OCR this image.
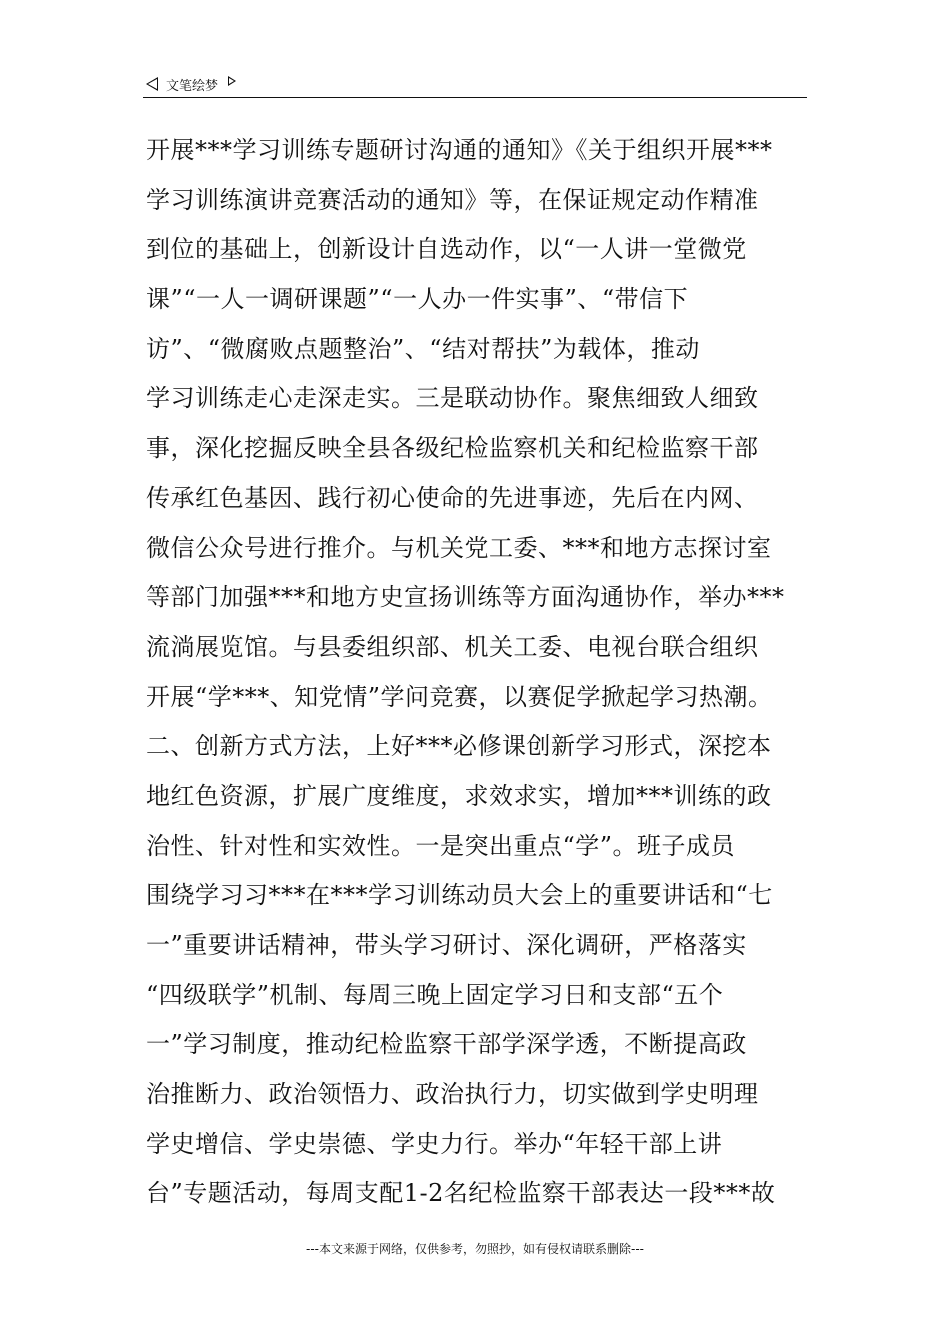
文笔绘梦
开展***学习训练专题研讨沟通的通知》《关于组织开展***
学习训练演讲竞赛活动的通知》等，在保证规定动作精准
到位的基础上，创新设计自选动作，以“一人讲一堂微党
课”“一人一调研课题”“一人办一件实事”、“带信下
访”、“微腐败点题整治”、“结对帮扶”为载体，推动
学习训练走心走深走实。三是联动协作。聚焦细致人细致
事，深化挖掘反映全县各级纪检监察机关和纪检监察干部
传承红色基因、践行初心使命的先进事迹，先后在内网、
微信公众号进行推介。与机关党工委、***和地方志探讨室
等部门加强***和地方史宣扬训练等方面沟通协作，举办***
流淌展览馆。与县委组织部、机关工委、电视台联合组织
开展“学***、知党情”学问竞赛，以赛促学掀起学习热潮。
二、创新方式方法，上好***必修课创新学习形式，深挖本
地红色资源，扩展广度维度，求效求实，增加***训练的政
治性、针对性和实效性。一是突出重点“学”。班子成员
围绕学习习***在***学习训练动员大会上的重要讲话和“七
一”重要讲话精神，带头学习研讨、深化调研，严格落实
“四级联学”机制、每周三晚上固定学习日和支部“五个
一”学习制度，推动纪检监察干部学深学透，不断提高政
治推断力、政治领悟力、政治执行力，切实做到学史明理
学史增信、学史崇德、学史力行。举办“年轻干部上讲
台”专题活动，每周支配1-2名纪检监察干部表达一段***故
---本文来源于网络，仅供参考，勿照抄，如有侵权请联系删除---
